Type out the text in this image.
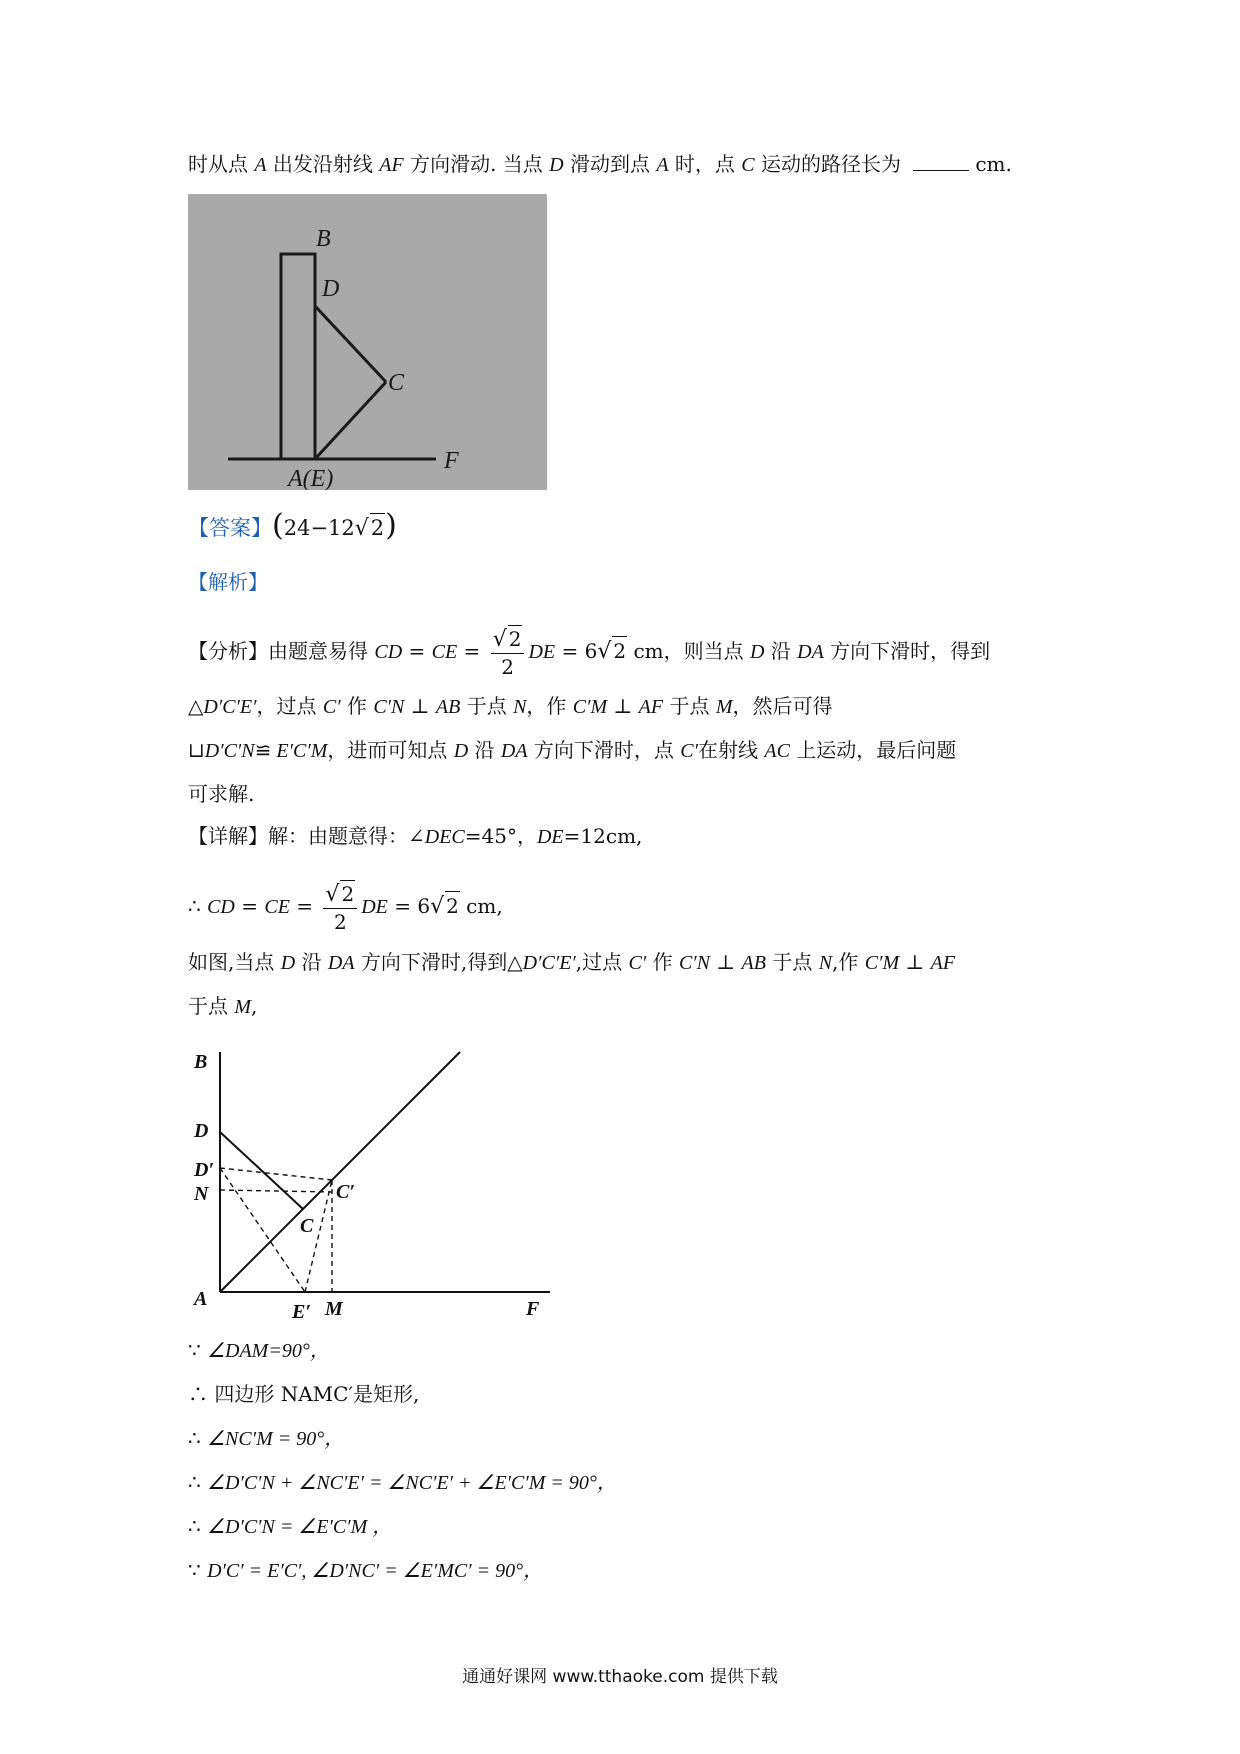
时从点 A 出发沿射线 AF 方向滑动. 当点 D 滑动到点 A 时，点 C 运动的路径长为	cm.
B
D
C
A(E)
F
【答案】(24−12√2)
【解析】
【分析】由题意易得 CD = CE = $\frac{√ 2}{2}$ DE = 6√ 2 cm，则当点 D 沿 DA 方向下滑时，得到
△D′C′E′，过点 C′ 作 C′N ⊥ AB 于点 N，作 C′M ⊥ AF 于点 M，然后可得
⊔D′C′N≌ E′C′M，进而可知点 D 沿 DA 方向下滑时，点 C′在射线 AC 上运动，最后问题
可求解.
【详解】解：由题意得：∠DEC=45°，DE=12cm,
∴ CD = CE = $\frac{√ 2}{2}$ DE = 6√ 2 cm,
如图,当点 D 沿 DA 方向下滑时,得到△D′C′E′,过点 C′ 作 C′N ⊥ AB 于点 N,作 C′M ⊥ AF
于点 M,
B
D
D′
N	C′
C
A
E′ M	F
∵ ∠DAM=90°，
∴ 四边形 NAMC′是矩形,
∴ ∠NC′M = 90°，
∴ ∠D′C′N + ∠NC′E′ = ∠NC′E′ + ∠E′C′M = 90°，
∴ ∠D′C′N = ∠E′C′M ，
∵ D′C′ = E′C′, ∠D′NC′ = ∠E′MC′ = 90°，
通通好课网 www.tthaoke.com 提供下载
